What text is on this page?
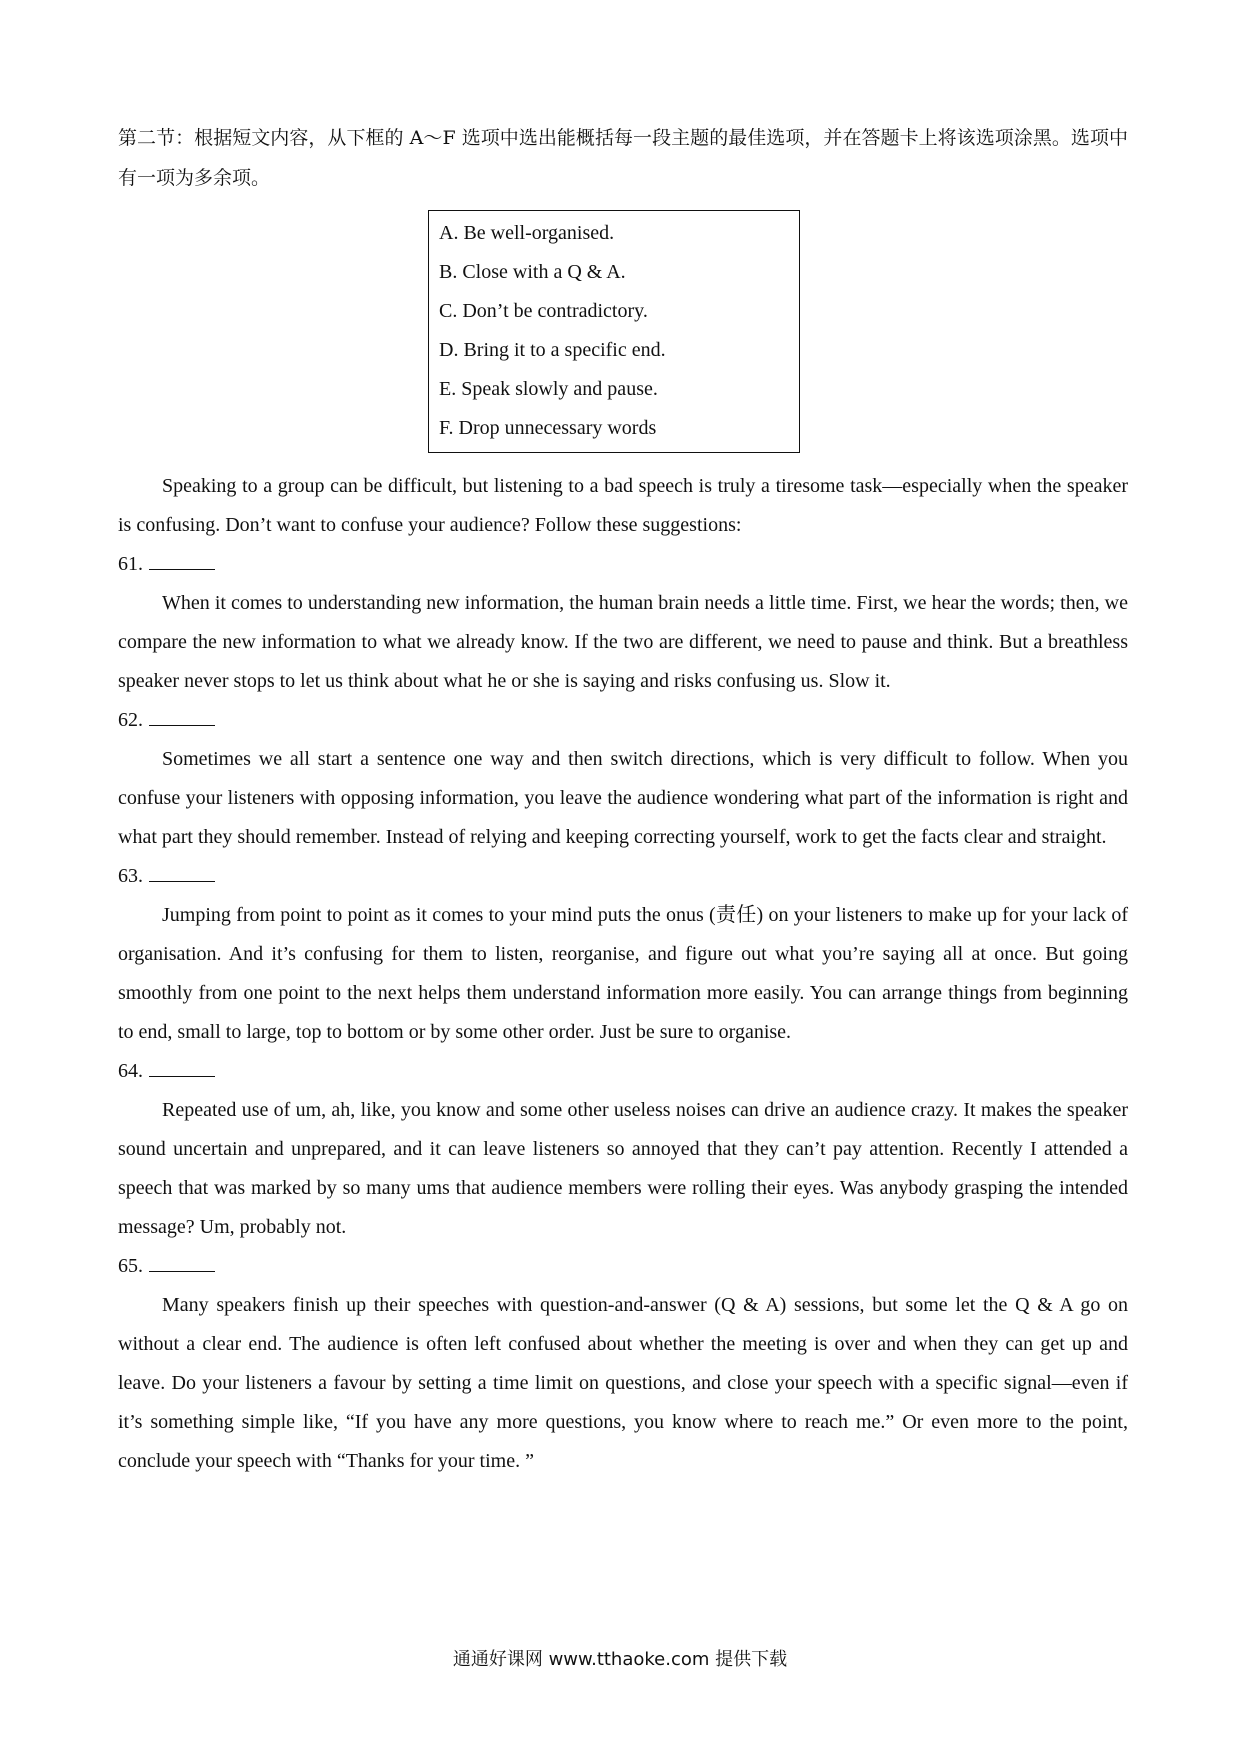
第二节：根据短文内容，从下框的 A～F 选项中选出能概括每一段主题的最佳选项，并在答题卡上将该选项涂黑。选项中有一项为多余项。

A. Be well-organised.
B. Close with a Q & A.
C. Don’t be contradictory.
D. Bring it to a specific end.
E. Speak slowly and pause.
F. Drop unnecessary words

Speaking to a group can be difficult, but listening to a bad speech is truly a tiresome task—especially when the speaker is confusing. Don’t want to confuse your audience? Follow these suggestions:

61.

When it comes to understanding new information, the human brain needs a little time. First, we hear the words; then, we compare the new information to what we already know. If the two are different, we need to pause and think. But a breathless speaker never stops to let us think about what he or she is saying and risks confusing us. Slow it.

62.

Sometimes we all start a sentence one way and then switch directions, which is very difficult to follow. When you confuse your listeners with opposing information, you leave the audience wondering what part of the information is right and what part they should remember. Instead of relying and keeping correcting yourself, work to get the facts clear and straight.

63.

Jumping from point to point as it comes to your mind puts the onus (责任) on your listeners to make up for your lack of organisation. And it’s confusing for them to listen, reorganise, and figure out what you’re saying all at once. But going smoothly from one point to the next helps them understand information more easily. You can arrange things from beginning to end, small to large, top to bottom or by some other order. Just be sure to organise.

64.

Repeated use of um, ah, like, you know and some other useless noises can drive an audience crazy. It makes the speaker sound uncertain and unprepared, and it can leave listeners so annoyed that they can’t pay attention. Recently I attended a speech that was marked by so many ums that audience members were rolling their eyes. Was anybody grasping the intended message? Um, probably not.

65.

Many speakers finish up their speeches with question-and-answer (Q & A) sessions, but some let the Q & A go on without a clear end. The audience is often left confused about whether the meeting is over and when they can get up and leave. Do your listeners a favour by setting a time limit on questions, and close your speech with a specific signal—even if it’s something simple like, “If you have any more questions, you know where to reach me.” Or even more to the point, conclude your speech with “Thanks for your time. ”

通通好课网 www.tthaoke.com 提供下载
